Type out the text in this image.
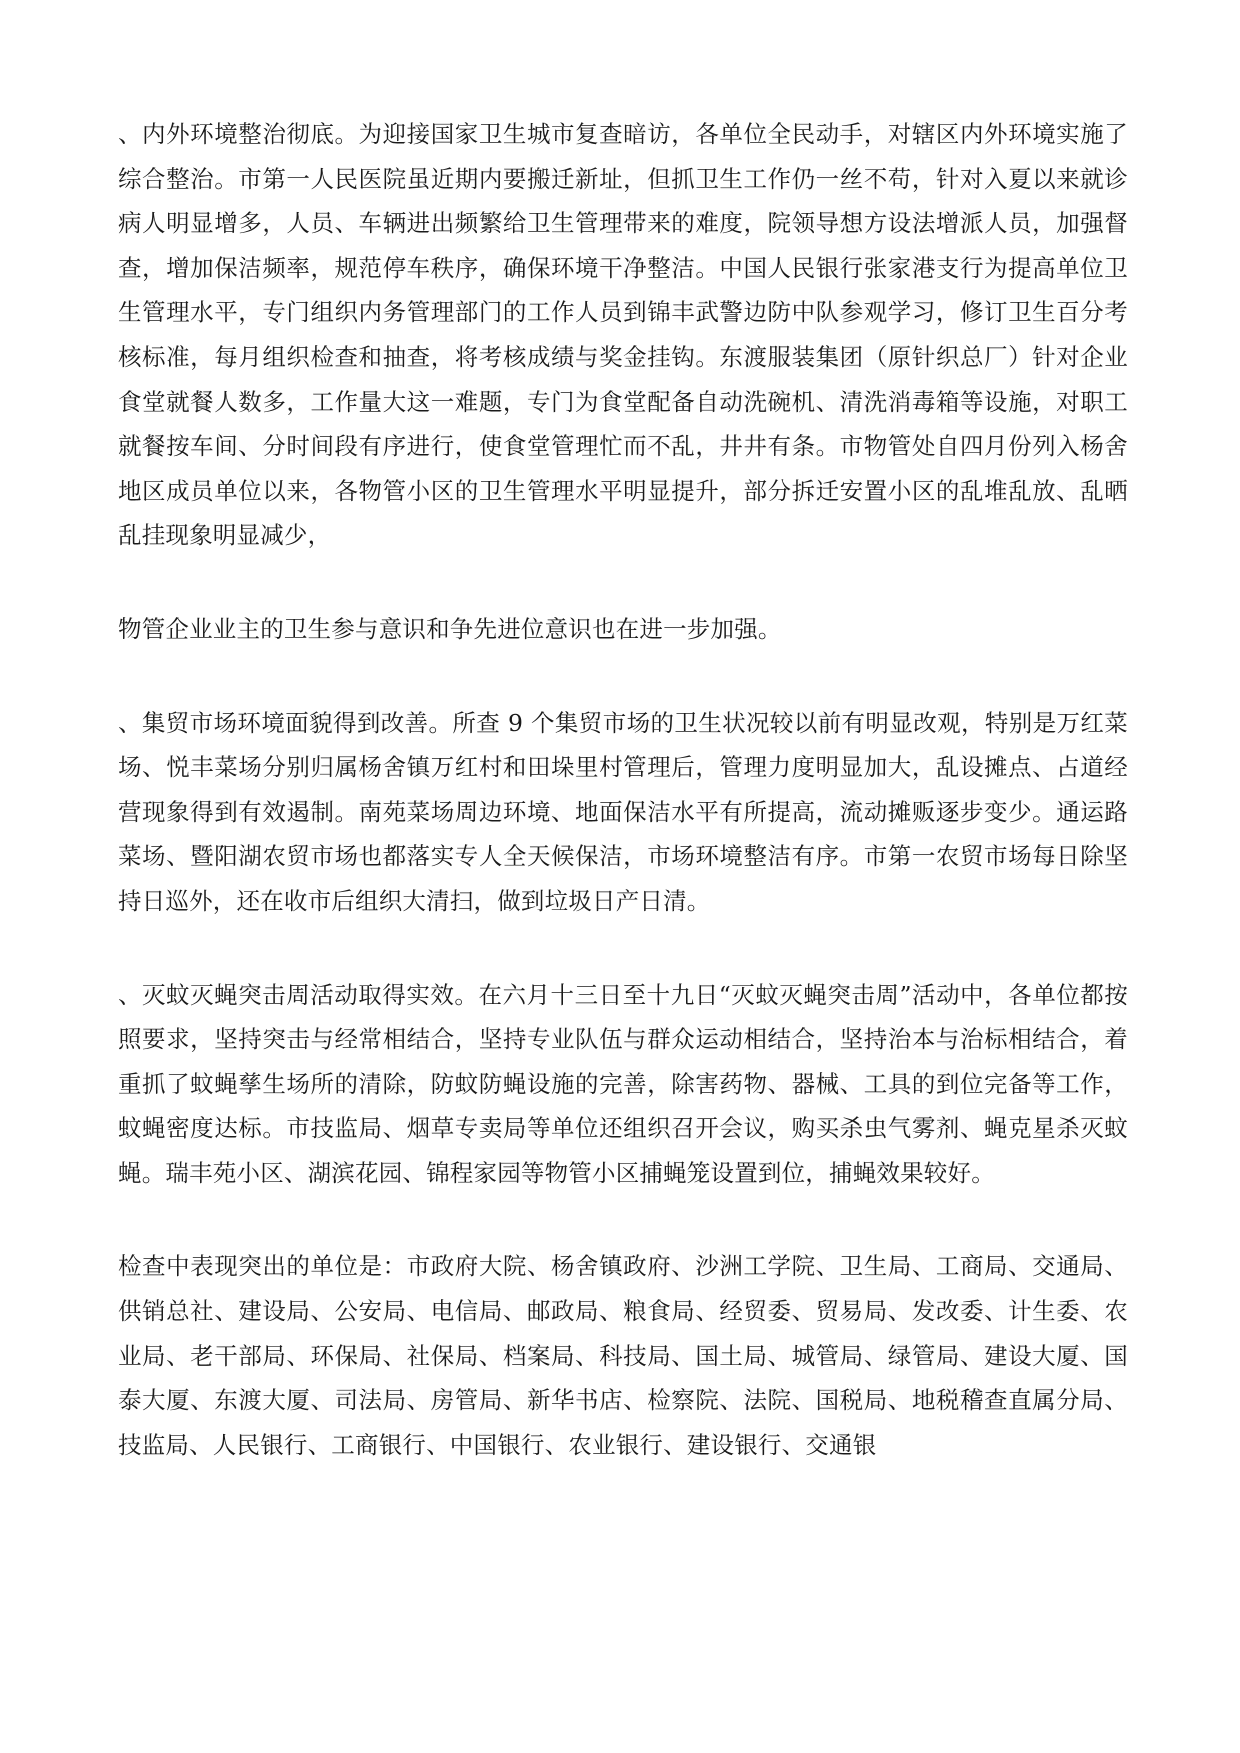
、内外环境整治彻底。为迎接国家卫生城市复查暗访，各单位全民动手，对辖区内外环境实施了综合整治。市第一人民医院虽近期内要搬迁新址，但抓卫生工作仍一丝不苟，针对入夏以来就诊病人明显增多，人员、车辆进出频繁给卫生管理带来的难度，院领导想方设法增派人员，加强督查，增加保洁频率，规范停车秩序，确保环境干净整洁。中国人民银行张家港支行为提高单位卫生管理水平，专门组织内务管理部门的工作人员到锦丰武警边防中队参观学习，修订卫生百分考核标准，每月组织检查和抽查，将考核成绩与奖金挂钩。东渡服装集团（原针织总厂）针对企业食堂就餐人数多，工作量大这一难题，专门为食堂配备自动洗碗机、清洗消毒箱等设施，对职工就餐按车间、分时间段有序进行，使食堂管理忙而不乱，井井有条。市物管处自四月份列入杨舍地区成员单位以来，各物管小区的卫生管理水平明显提升，部分拆迁安置小区的乱堆乱放、乱晒乱挂现象明显减少，

物管企业业主的卫生参与意识和争先进位意识也在进一步加强。

、集贸市场环境面貌得到改善。所查 9 个集贸市场的卫生状况较以前有明显改观，特别是万红菜场、悦丰菜场分别归属杨舍镇万红村和田垛里村管理后，管理力度明显加大，乱设摊点、占道经营现象得到有效遏制。南苑菜场周边环境、地面保洁水平有所提高，流动摊贩逐步变少。通运路菜场、暨阳湖农贸市场也都落实专人全天候保洁，市场环境整洁有序。市第一农贸市场每日除坚持日巡外，还在收市后组织大清扫，做到垃圾日产日清。

、灭蚊灭蝇突击周活动取得实效。在六月十三日至十九日“灭蚊灭蝇突击周”活动中，各单位都按照要求，坚持突击与经常相结合，坚持专业队伍与群众运动相结合，坚持治本与治标相结合，着重抓了蚊蝇孳生场所的清除，防蚊防蝇设施的完善，除害药物、器械、工具的到位完备等工作，蚊蝇密度达标。市技监局、烟草专卖局等单位还组织召开会议，购买杀虫气雾剂、蝇克星杀灭蚊蝇。瑞丰苑小区、湖滨花园、锦程家园等物管小区捕蝇笼设置到位，捕蝇效果较好。

检查中表现突出的单位是：市政府大院、杨舍镇政府、沙洲工学院、卫生局、工商局、交通局、供销总社、建设局、公安局、电信局、邮政局、粮食局、经贸委、贸易局、发改委、计生委、农业局、老干部局、环保局、社保局、档案局、科技局、国土局、城管局、绿管局、建设大厦、国泰大厦、东渡大厦、司法局、房管局、新华书店、检察院、法院、国税局、地税稽查直属分局、技监局、人民银行、工商银行、中国银行、农业银行、建设银行、交通银
